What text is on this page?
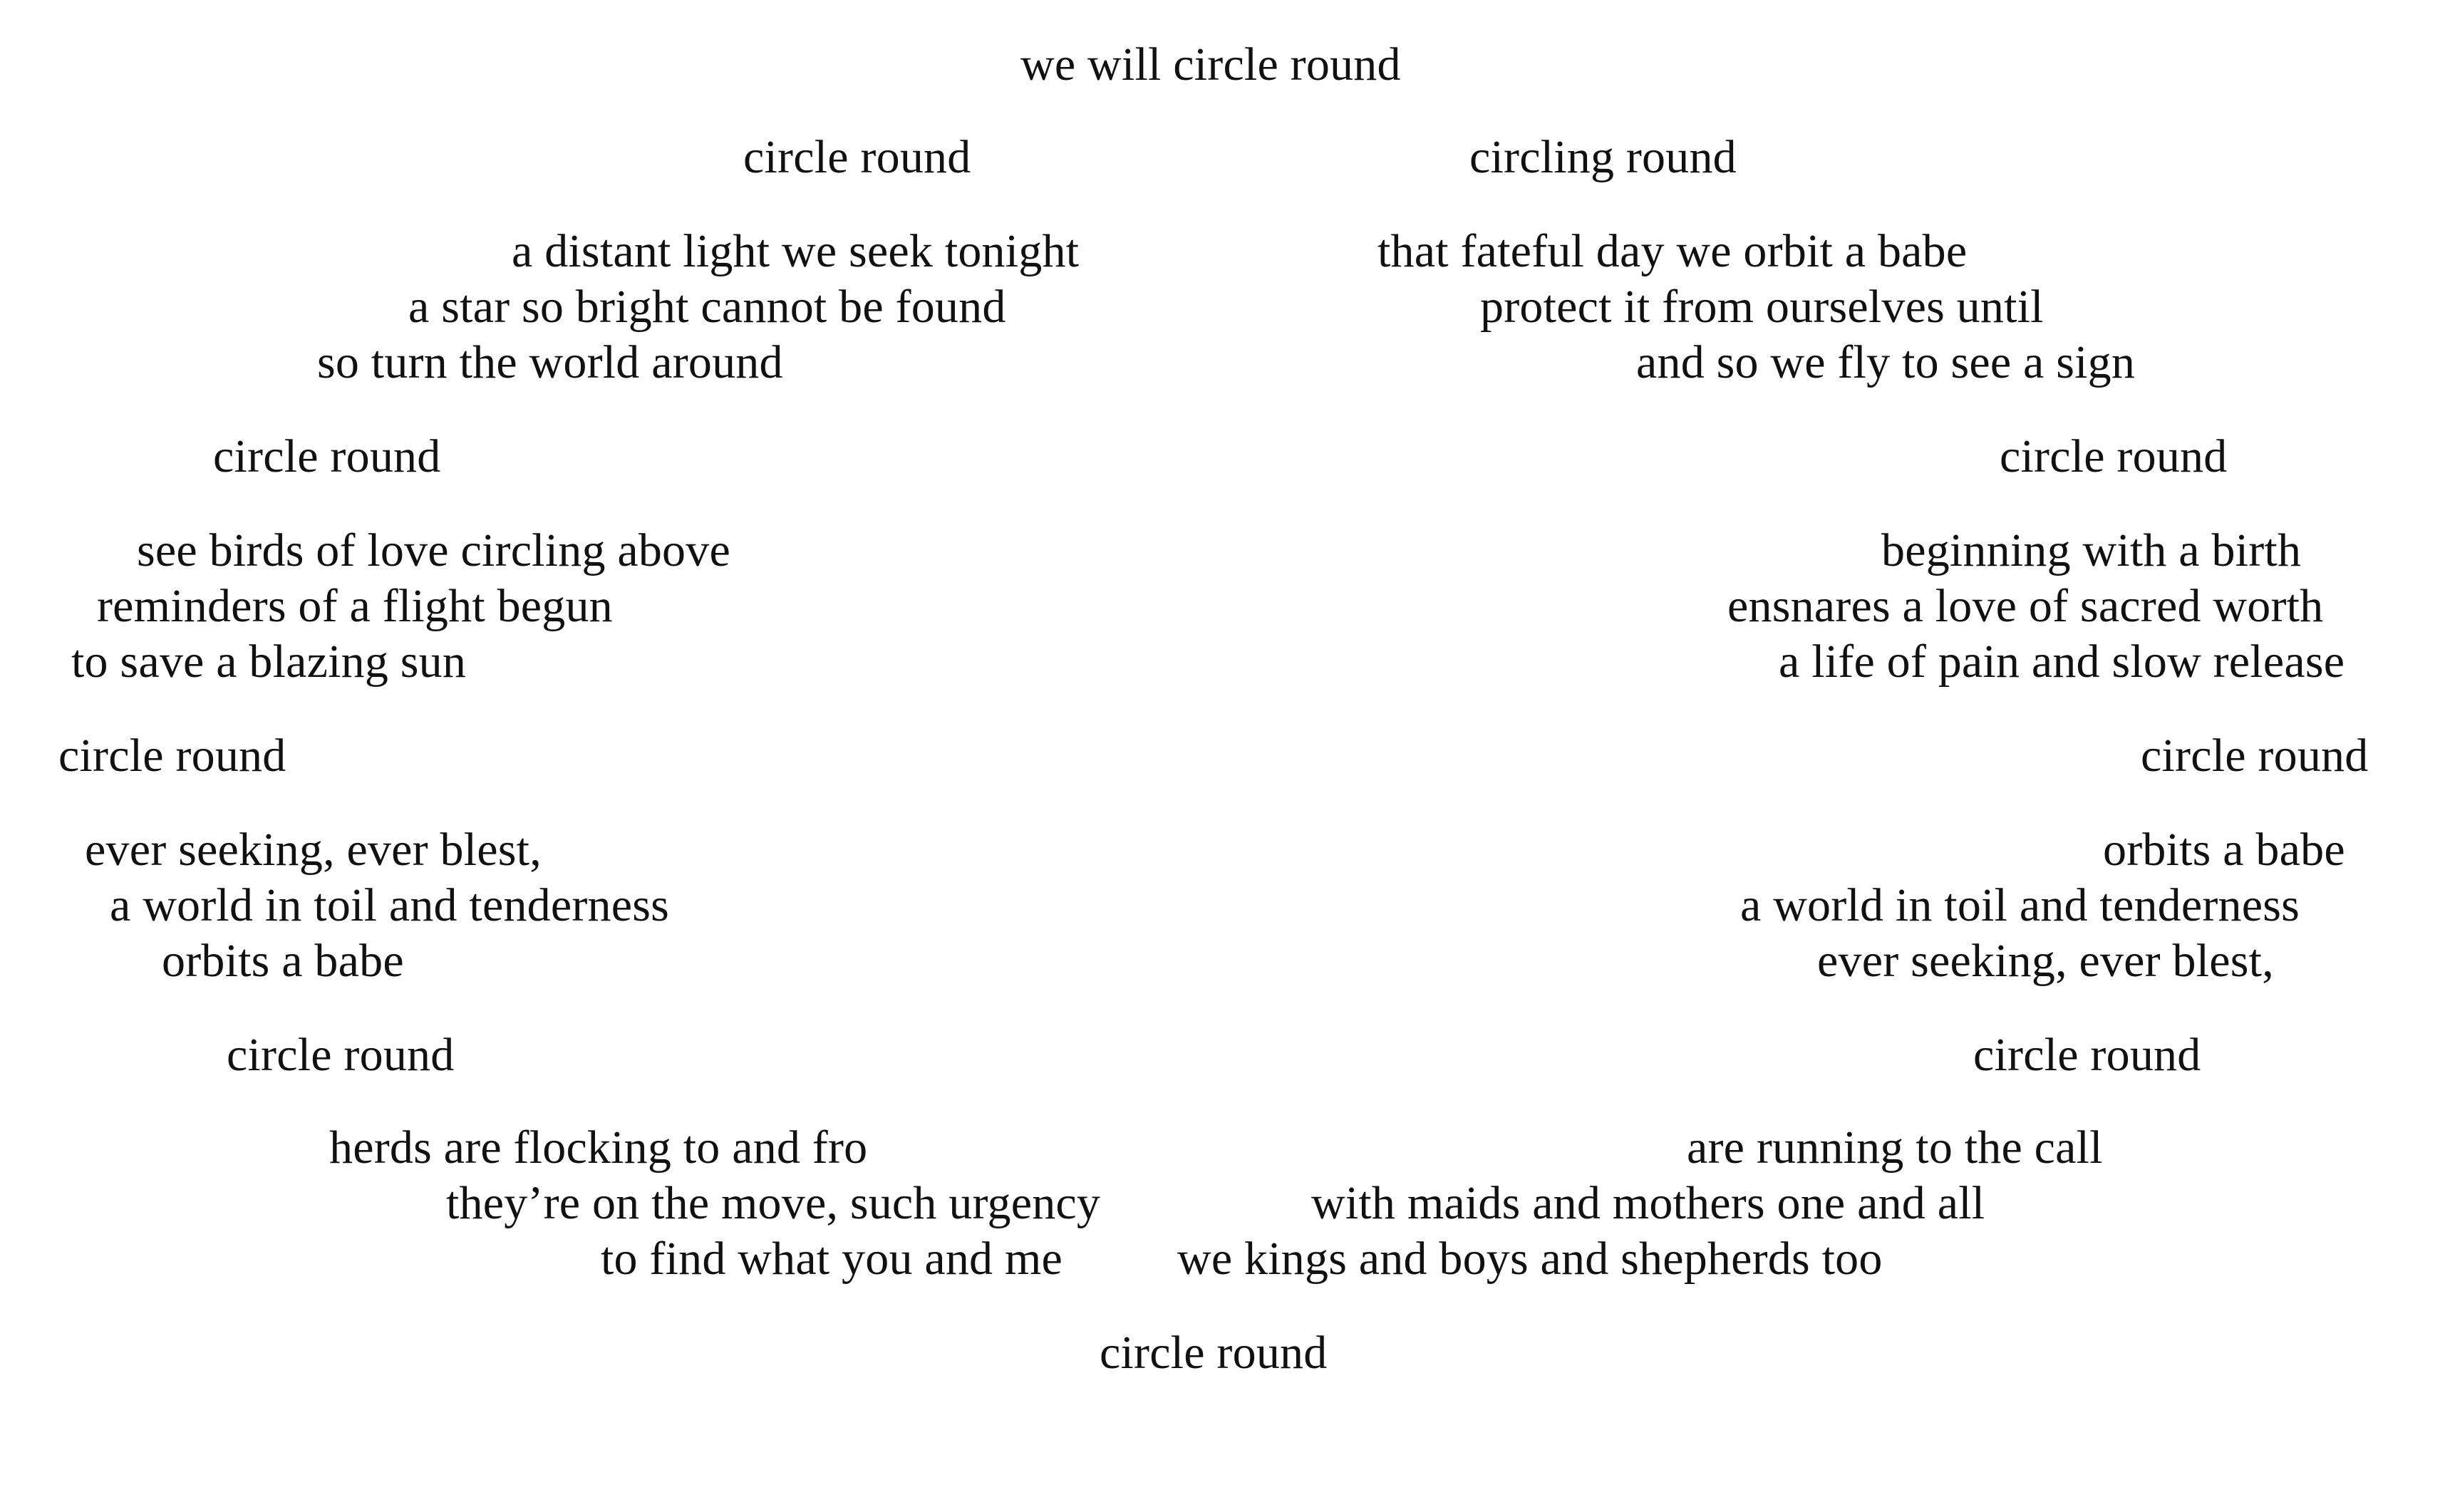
we will circle round
circle round	circling round
a distant light we seek tonight
a star so bright cannot be found
so turn the world around
that fateful day we orbit a babe
protect it from ourselves until
and so we fly to see a sign
circle round	circle round
see birds of love circling above
reminders of a flight begun
to save a blazing sun
beginning with a birth
ensnares a love of sacred worth
a life of pain and slow release
circle round	circle round
ever seeking, ever blest,
a world in toil and tenderness
orbits a babe
orbits a babe
a world in toil and tenderness
ever seeking, ever blest,
circle round	circle round
herds are flocking to and fro
they’re on the move, such urgency
to find what you and me
are running to the call
with maids and mothers one and all
we kings and boys and shepherds too
circle round
